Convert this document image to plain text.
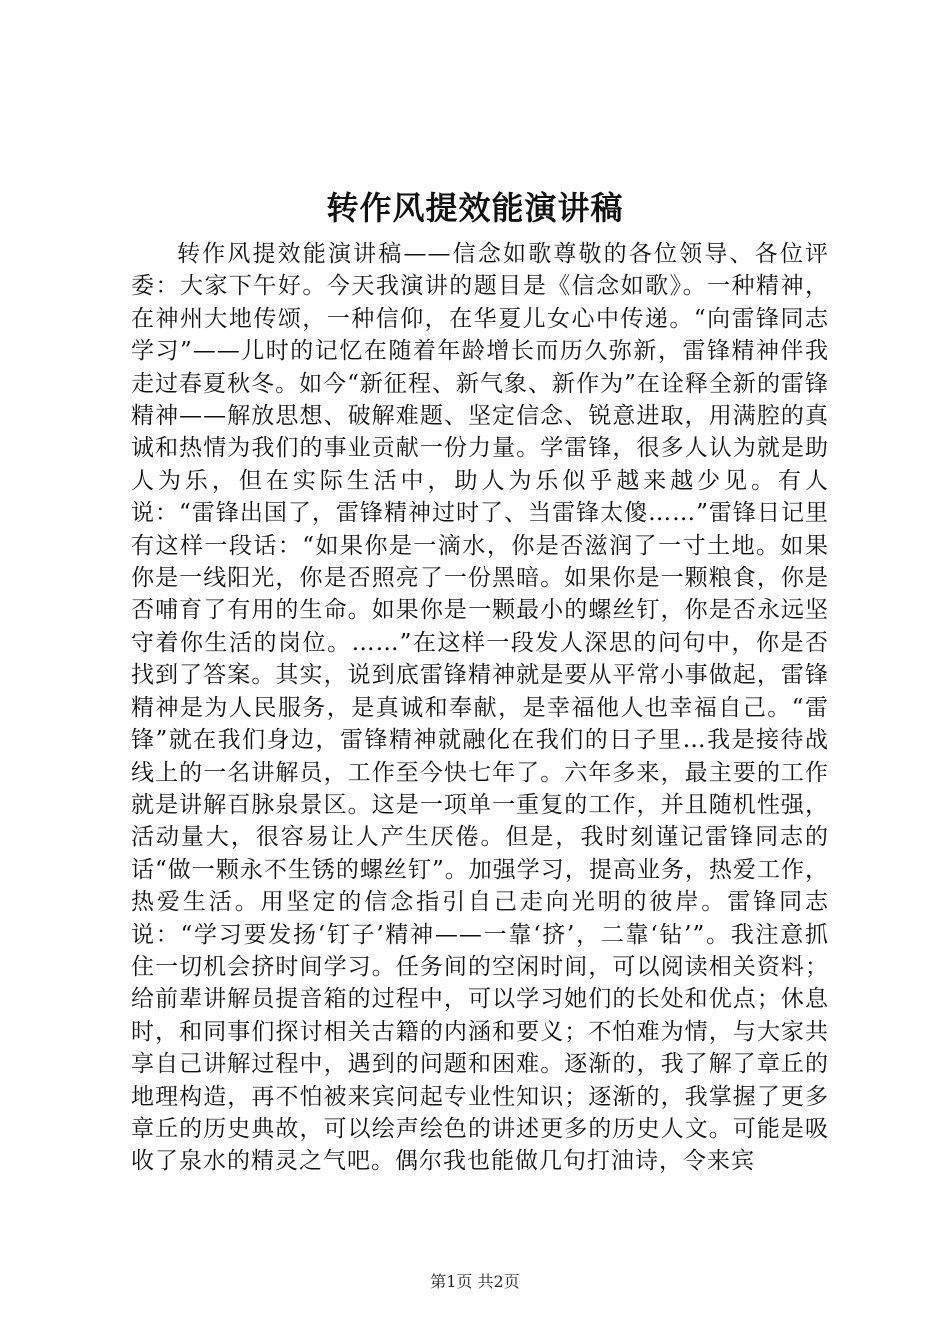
转作风提效能演讲稿

转作风提效能演讲稿——信念如歌尊敬的各位领导、各位评委：大家下午好。今天我演讲的题目是《信念如歌》。一种精神，在神州大地传颂，一种信仰，在华夏儿女心中传递。“向雷锋同志学习”——儿时的记忆在随着年龄增长而历久弥新，雷锋精神伴我走过春夏秋冬。如今“新征程、新气象、新作为”在诠释全新的雷锋精神——解放思想、破解难题、坚定信念、锐意进取，用满腔的真诚和热情为我们的事业贡献一份力量。学雷锋，很多人认为就是助人为乐，但在实际生活中，助人为乐似乎越来越少见。有人说：“雷锋出国了，雷锋精神过时了、当雷锋太傻……”雷锋日记里有这样一段话：“如果你是一滴水，你是否滋润了一寸土地。如果你是一线阳光，你是否照亮了一份黑暗。如果你是一颗粮食，你是否哺育了有用的生命。如果你是一颗最小的螺丝钉，你是否永远坚守着你生活的岗位。……”在这样一段发人深思的问句中，你是否找到了答案。其实，说到底雷锋精神就是要从平常小事做起，雷锋精神是为人民服务，是真诚和奉献，是幸福他人也幸福自己。“雷锋”就在我们身边，雷锋精神就融化在我们的日子里…我是接待战线上的一名讲解员，工作至今快七年了。六年多来，最主要的工作就是讲解百脉泉景区。这是一项单一重复的工作，并且随机性强，活动量大，很容易让人产生厌倦。但是，我时刻谨记雷锋同志的话“做一颗永不生锈的螺丝钉”。加强学习，提高业务，热爱工作，热爱生活。用坚定的信念指引自己走向光明的彼岸。雷锋同志说：“学习要发扬‘钉子’精神——一靠‘挤’，二靠‘钻’”。我注意抓住一切机会挤时间学习。任务间的空闲时间，可以阅读相关资料；给前辈讲解员提音箱的过程中，可以学习她们的长处和优点；休息时，和同事们探讨相关古籍的内涵和要义；不怕难为情，与大家共享自己讲解过程中，遇到的问题和困难。逐渐的，我了解了章丘的地理构造，再不怕被来宾问起专业性知识；逐渐的，我掌握了更多章丘的历史典故，可以绘声绘色的讲述更多的历史人文。可能是吸收了泉水的精灵之气吧。偶尔我也能做几句打油诗，令来宾

第1页 共2页
